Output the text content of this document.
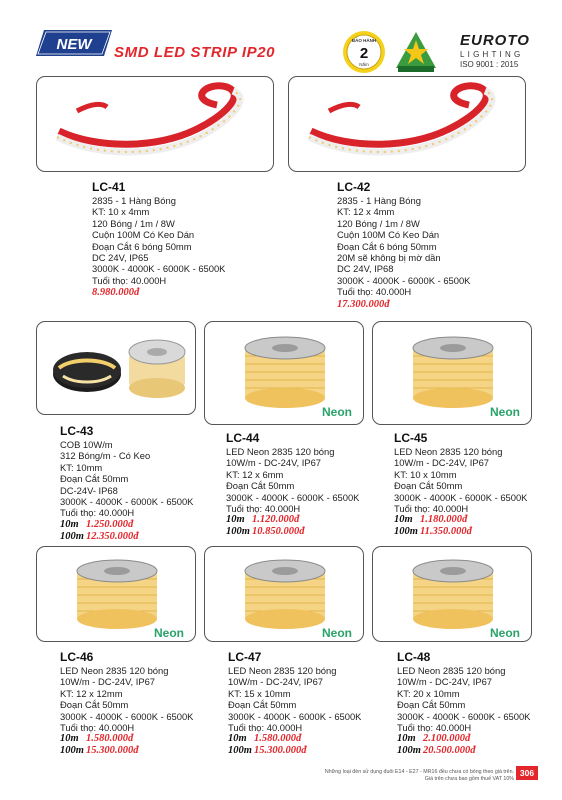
NEW SMD LED STRIP IP20
BẢO HÀNH
2
Năm
EUROTO
LIGHTING
ISO 9001 : 2015
LC-41
2835 - 1 Hàng Bóng
KT: 10 x 4mm
120 Bóng / 1m / 8W
Cuộn 100M Có Keo Dán
Đoạn Cắt 6 bóng 50mm
DC 24V, IP65
3000K - 4000K - 6000K - 6500K
Tuổi thọ: 40.000H
8.980.000đ
LC-42
2835 - 1 Hàng Bóng
KT: 12 x 4mm
120 Bóng / 1m / 8W
Cuộn 100M Có Keo Dán
Đoạn Cắt 6 bóng 50mm
20M sẽ không bị mờ dần
DC 24V, IP68
3000K - 4000K - 6000K - 6500K
Tuổi thọ: 40.000H
17.300.000đ
Neon	Neon
LC-43
COB 10W/m
312 Bóng/m - Có Keo
KT: 10mm
Đoạn Cắt 50mm
DC-24V- IP68
3000K - 4000K - 6000K - 6500K
Tuổi thọ: 40.000H
10m 1.250.000đ
100m 12.350.000đ
LC-44
LED Neon 2835 120 bóng
10W/m - DC-24V, IP67
KT: 12 x 6mm
Đoạn Cắt 50mm
3000K - 4000K - 6000K - 6500K
Tuổi thọ: 40.000H
10m 1.120.000đ
100m 10.850.000đ
LC-45
LED Neon 2835 120 bóng
10W/m - DC-24V, IP67
KT: 10 x 10mm
Đoạn Cắt 50mm
3000K - 4000K - 6000K - 6500K
Tuổi thọ: 40.000H
10m 1.180.000đ
100m 11.350.000đ
Neon	Neon	Neon
LC-46
LED Neon 2835 120 bóng
10W/m - DC-24V, IP67
KT: 12 x 12mm
Đoạn Cắt 50mm
3000K - 4000K - 6000K - 6500K
Tuổi thọ: 40.000H
10m 1.580.000đ
100m 15.300.000đ
LC-47
LED Neon 2835 120 bóng
10W/m - DC-24V, IP67
KT: 15 x 10mm
Đoạn Cắt 50mm
3000K - 4000K - 6000K - 6500K
Tuổi thọ: 40.000H
10m 1.580.000đ
100m 15.300.000đ
LC-48
LED Neon 2835 120 bóng
10W/m - DC-24V, IP67
KT: 20 x 10mm
Đoạn Cắt 50mm
3000K - 4000K - 6000K - 6500K
Tuổi thọ: 40.000H
10m 2.100.000đ
100m 20.500.000đ
Những loại đèn sử dụng đuôi E14 - E27 - MR16 đều chưa có bóng theo giá trên.
Giá trên chưa bao gồm thuế VAT 10%
306
